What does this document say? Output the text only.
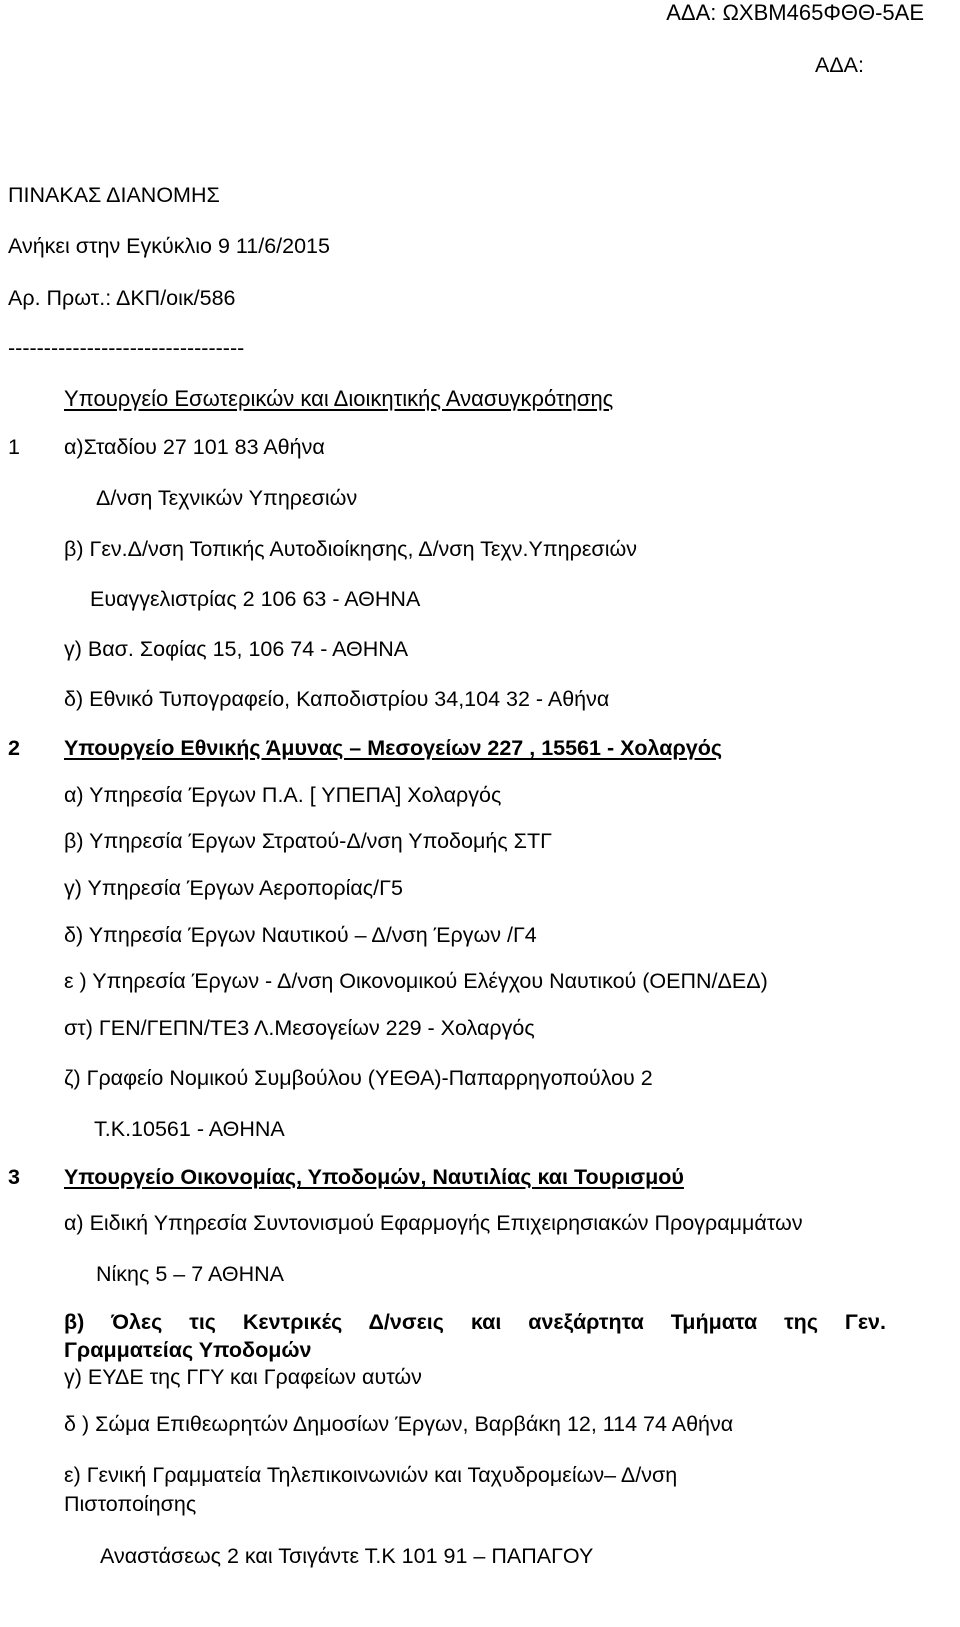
ΑΔΑ: ΩΧΒΜ465ΦΘΘ-5ΑΕ
ΑΔΑ:
ΠΙΝΑΚΑΣ ΔΙΑΝΟΜΗΣ
Ανήκει στην Εγκύκλιο 9 11/6/2015
Αρ. Πρωτ.: ΔΚΠ/οικ/586
---------------------------------
Υπουργείο Εσωτερικών και Διοικητικής Ανασυγκρότησης
1 α)Σταδίου 27 101 83 Αθήνα
Δ/νση Τεχνικών Υπηρεσιών
β) Γεν.Δ/νση Τοπικής Αυτοδιοίκησης, Δ/νση Τεχν.Υπηρεσιών
Ευαγγελιστρίας 2 106 63 - ΑΘΗΝΑ
γ) Βασ. Σοφίας 15, 106 74 - ΑΘΗΝΑ
δ) Εθνικό Τυπογραφείο, Καποδιστρίου 34,104 32 - Αθήνα
2 Υπουργείο Εθνικής Άμυνας – Μεσογείων 227 , 15561 - Χολαργός
α) Υπηρεσία Έργων Π.Α. [ ΥΠΕΠΑ] Χολαργός
β) Υπηρεσία Έργων Στρατού-Δ/νση Υποδομής ΣΤΓ
γ) Υπηρεσία Έργων Αεροπορίας/Γ5
δ) Υπηρεσία Έργων Ναυτικού – Δ/νση Έργων /Γ4
ε ) Υπηρεσία Έργων - Δ/νση Οικονομικού Ελέγχου Ναυτικού (ΟΕΠΝ/ΔΕΔ)
στ) ΓΕΝ/ΓΕΠΝ/ΤΕ3 Λ.Μεσογείων 229 - Χολαργός
ζ) Γραφείο Νομικού Συμβούλου (ΥΕΘΑ)-Παπαρρηγοπούλου 2
Τ.Κ.10561 - ΑΘΗΝΑ
3 Υπουργείο Οικονομίας, Υποδομών, Ναυτιλίας και Τουρισμού
α) Ειδική Υπηρεσία Συντονισμού Εφαρμογής Επιχειρησιακών Προγραμμάτων
Νίκης 5 – 7 ΑΘΗΝΑ
β) Όλες τις Κεντρικές Δ/νσεις και ανεξάρτητα Τμήματα της Γεν.
Γραμματείας Υποδομών
γ) ΕΥΔΕ της ΓΓΥ και Γραφείων αυτών
δ ) Σώμα Επιθεωρητών Δημοσίων Έργων, Βαρβάκη 12, 114 74 Αθήνα
ε) Γενική Γραμματεία Τηλεπικοινωνιών και Ταχυδρομείων– Δ/νση
Πιστοποίησης
Αναστάσεως 2 και Τσιγάντε Τ.Κ 101 91 – ΠΑΠΑΓΟΥ
